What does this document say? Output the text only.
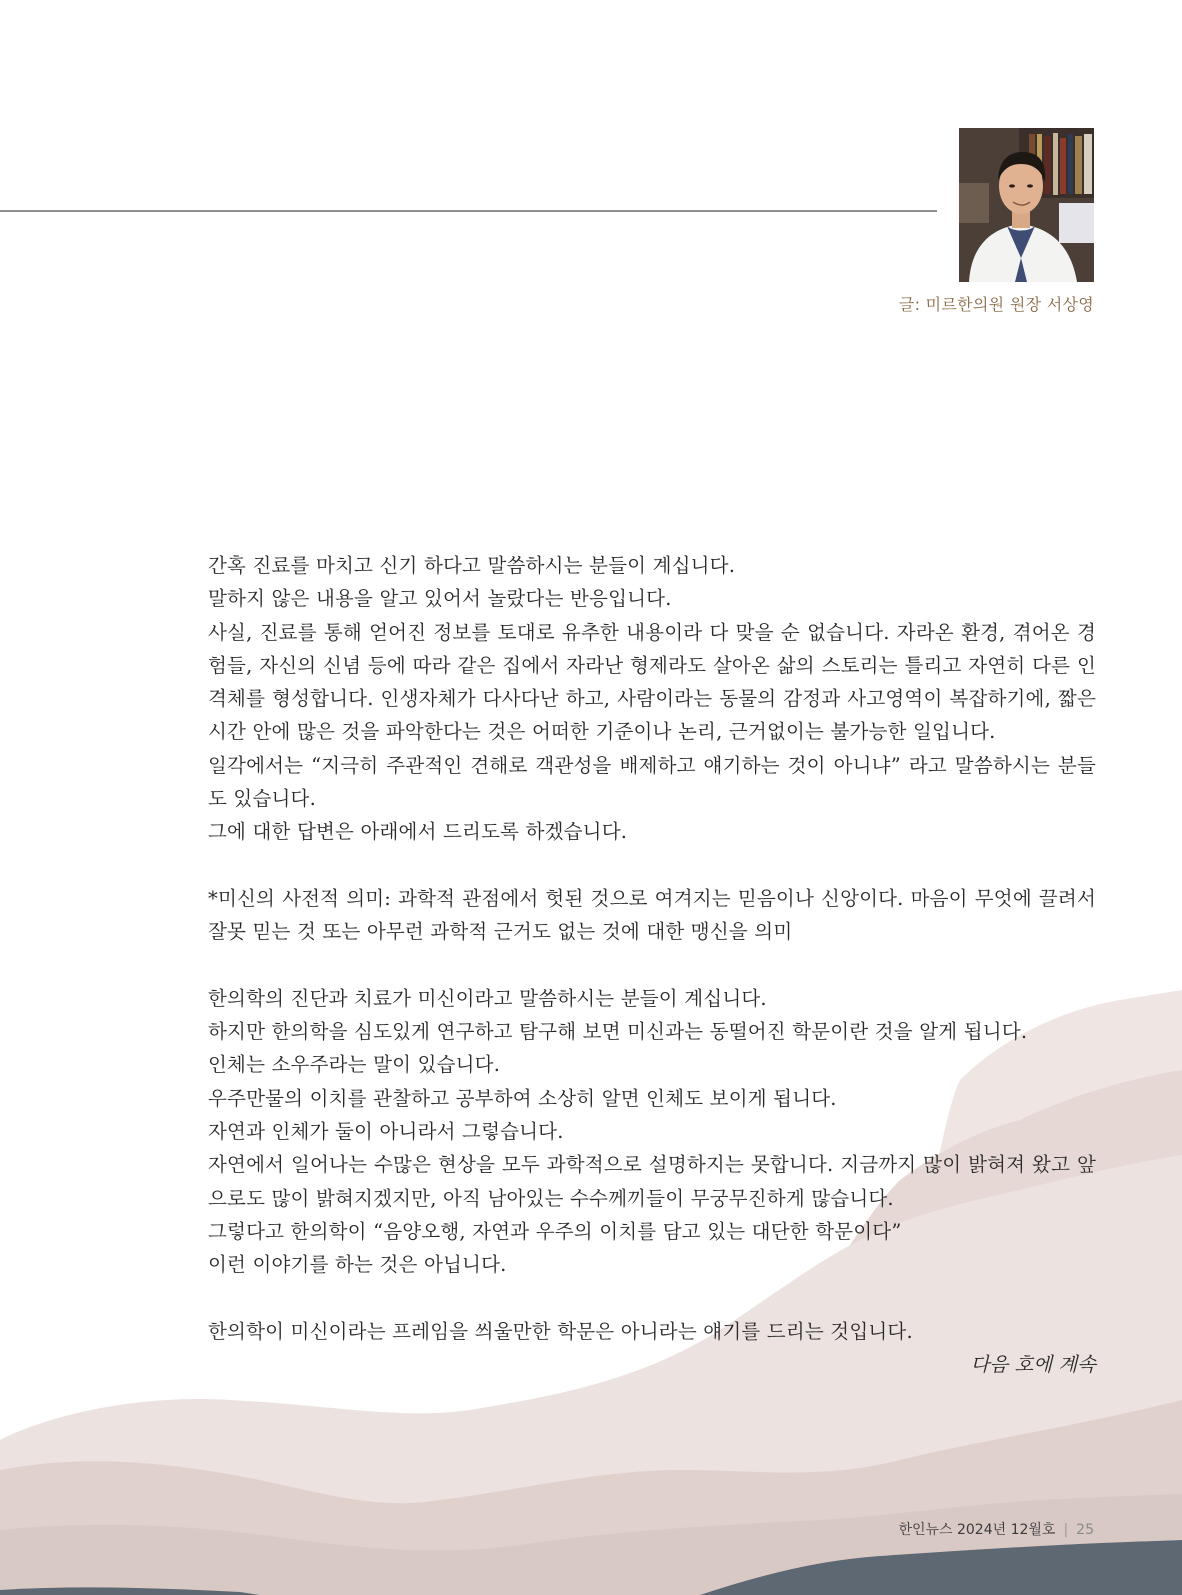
글: 미르한의원 원장 서상영

간혹 진료를 마치고 신기 하다고 말씀하시는 분들이 계십니다.

말하지 않은 내용을 알고 있어서 놀랐다는 반응입니다.

사실, 진료를 통해 얻어진 정보를 토대로 유추한 내용이라 다 맞을 순 없습니다. 자라온 환경, 겪어온 경험들, 자신의 신념 등에 따라 같은 집에서 자라난 형제라도 살아온 삶의 스토리는 틀리고 자연히 다른 인격체를 형성합니다. 인생자체가 다사다난 하고, 사람이라는 동물의 감정과 사고영역이 복잡하기에, 짧은 시간 안에 많은 것을 파악한다는 것은 어떠한 기준이나 논리, 근거없이는 불가능한 일입니다.

일각에서는 “지극히 주관적인 견해로 객관성을 배제하고 얘기하는 것이 아니냐” 라고 말씀하시는 분들도 있습니다.

그에 대한 답변은 아래에서 드리도록 하겠습니다.

*미신의 사전적 의미: 과학적 관점에서 헛된 것으로 여겨지는 믿음이나 신앙이다. 마음이 무엇에 끌려서 잘못 믿는 것 또는 아무런 과학적 근거도 없는 것에 대한 맹신을 의미

한의학의 진단과 치료가 미신이라고 말씀하시는 분들이 계십니다.

하지만 한의학을 심도있게 연구하고 탐구해 보면 미신과는 동떨어진 학문이란 것을 알게 됩니다.

인체는 소우주라는 말이 있습니다.

우주만물의 이치를 관찰하고 공부하여 소상히 알면 인체도 보이게 됩니다.

자연과 인체가 둘이 아니라서 그렇습니다.

자연에서 일어나는 수많은 현상을 모두 과학적으로 설명하지는 못합니다. 지금까지 많이 밝혀져 왔고 앞으로도 많이 밝혀지겠지만, 아직 남아있는 수수께끼들이 무궁무진하게 많습니다.

그렇다고 한의학이 “음양오행, 자연과 우주의 이치를 담고 있는 대단한 학문이다”

이런 이야기를 하는 것은 아닙니다.

한의학이 미신이라는 프레임을 씌울만한 학문은 아니라는 얘기를 드리는 것입니다.

다음 호에 계속
한인뉴스 2024년 12월호 | 25
